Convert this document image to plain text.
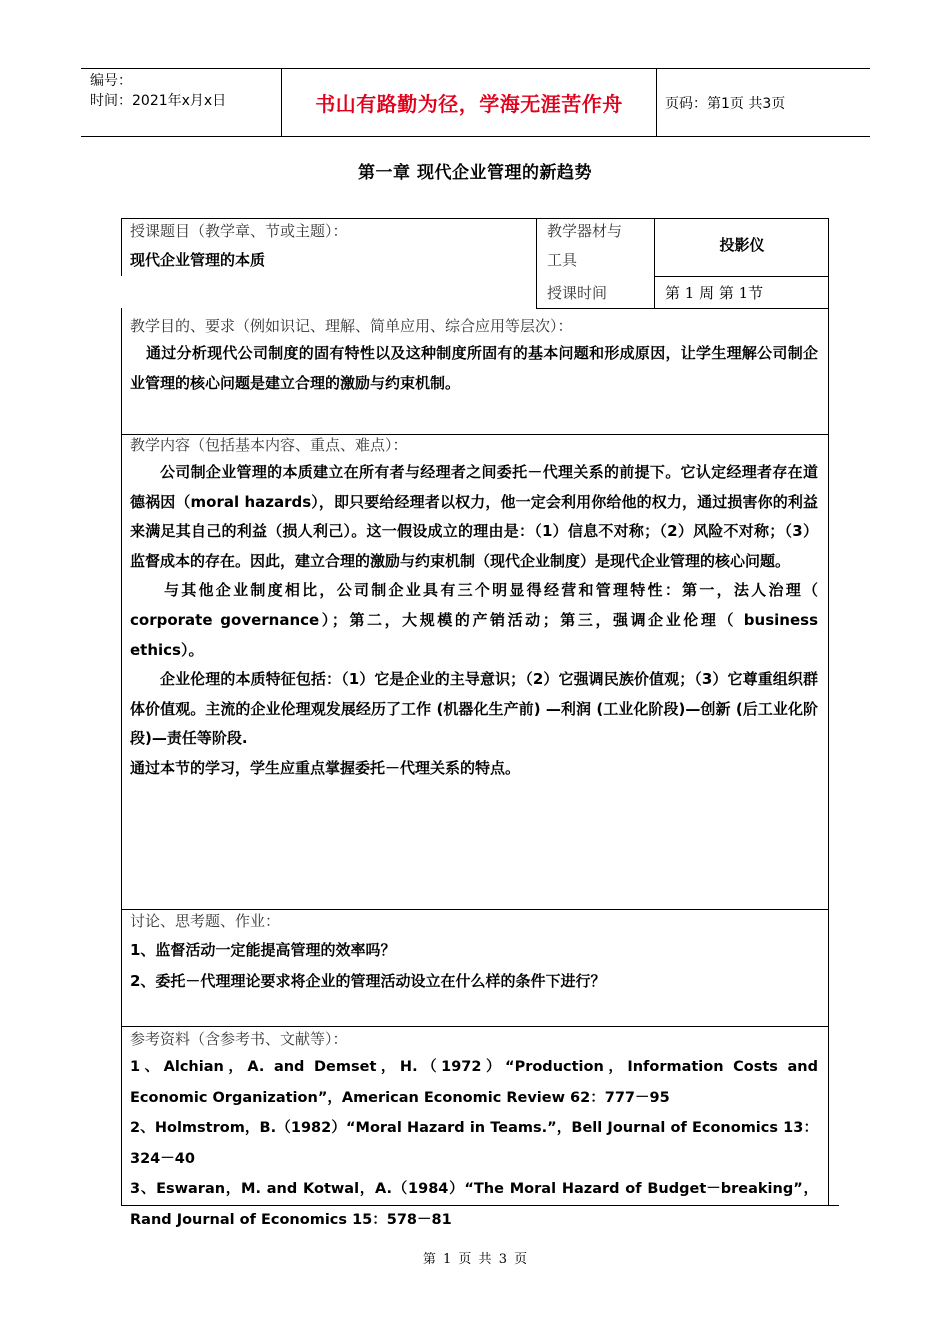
编号：
时间：2021年x月x日	书山有路勤为径，学海无涯苦作舟	页码：第1页 共3页
第一章 现代企业管理的新趋势
授课题目（教学章、节或主题）：
现代企业管理的本质
教学器材与
工具
投影仪
授课时间	第 1 周 第 1节
教学目的、要求（例如识记、理解、简单应用、综合应用等层次）：

通过分析现代公司制度的固有特性以及这种制度所固有的基本问题和形成原因，让学生理解公司制企业管理的核心问题是建立合理的激励与约束机制。

教学内容（包括基本内容、重点、难点）：

公司制企业管理的本质建立在所有者与经理者之间委托－代理关系的前提下。它认定经理者存在道德祸因（moral hazards），即只要给经理者以权力，他一定会利用你给他的权力，通过损害你的利益来满足其自己的利益（损人利己）。这一假设成立的理由是：（1）信息不对称；（2）风险不对称；（3）监督成本的存在。因此，建立合理的激励与约束机制（现代企业制度）是现代企业管理的核心问题。

与其他企业制度相比，公司制企业具有三个明显得经营和管理特性：第一，法人治理（ corporate governance）；第二，大规模的产销活动；第三，强调企业伦理（ business ethics）。

企业伦理的本质特征包括：（1）它是企业的主导意识；（2）它强调民族价值观；（3）它尊重组织群体价值观。主流的企业伦理观发展经历了工作 (机器化生产前) —利润 (工业化阶段)—创新 (后工业化阶段)—责任等阶段.

通过本节的学习，学生应重点掌握委托－代理关系的特点。

讨论、思考题、作业：
1、监督活动一定能提高管理的效率吗？
2、委托－代理理论要求将企业的管理活动设立在什么样的条件下进行？
参考资料（含参考书、文献等）：

1、Alchian，A. and Demset，H.（1972）“Production，Information Costs and Economic Organization”，American Economic Review 62：777－95

2、Holmstrom，B.（1982）“Moral Hazard in Teams.”，Bell Journal of Economics 13：324－40

3、Eswaran，M. and Kotwal，A.（1984）“The Moral Hazard of Budget－breaking”，Rand Journal of Economics 15：578－81

第 1 页 共 3 页
